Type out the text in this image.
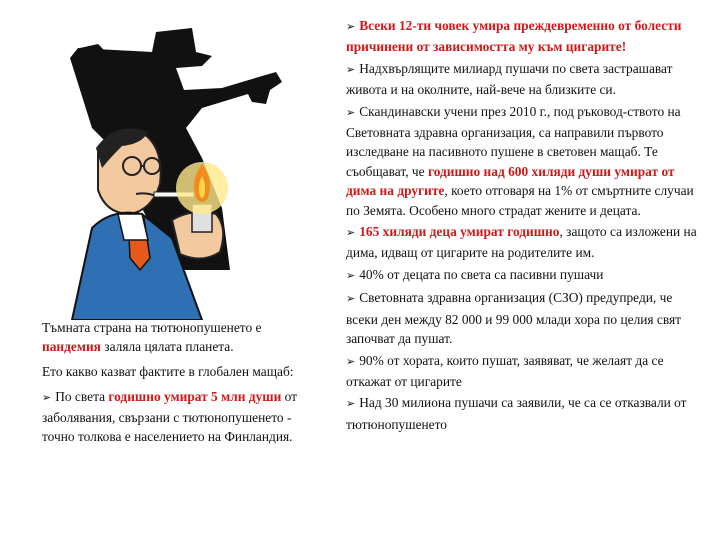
Тъмната страна на тютюнопушенето е пандемия заляла цялата планета.

Ето какво казват фактите в глобален мащаб:

➢ По света годишно умират 5 млн души от заболявания, свързани с тютюнопушенето - точно толкова е населението на Финландия.

➢ Всеки 12-ти човек умира преждевременно от болести причинени от зависимостта му към цигарите!
➢ Надхвърлящите милиард пушачи по света застрашават живота и на околните, най-вече на близките си.
➢ Скандинавски учени през 2010 г., под ръковод-ството на Световната здравна организация, са направили първото изследване на пасивното пушене в световен мащаб. Те съобщават, че годишно над 600 хиляди души умират от дима на другите, което отговаря на 1% от смъртните случаи по Земята. Особено много страдат жените и децата.
➢ 165 хиляди деца умират годишно, защото са изложени на дима, идващ от цигарите на родителите им.
➢ 40% от децата по света са пасивни пушачи
➢ Световната здравна организация (СЗО) предупреди, че всеки ден между 82 000 и 99 000 млади хора по целия свят започват да пушат.
➢ 90% от хората, които пушат, заявяват, че желаят да се откажат от цигарите
➢ Над 30 милиона пушачи са заявили, че са се отказвали от тютюнопушенето
